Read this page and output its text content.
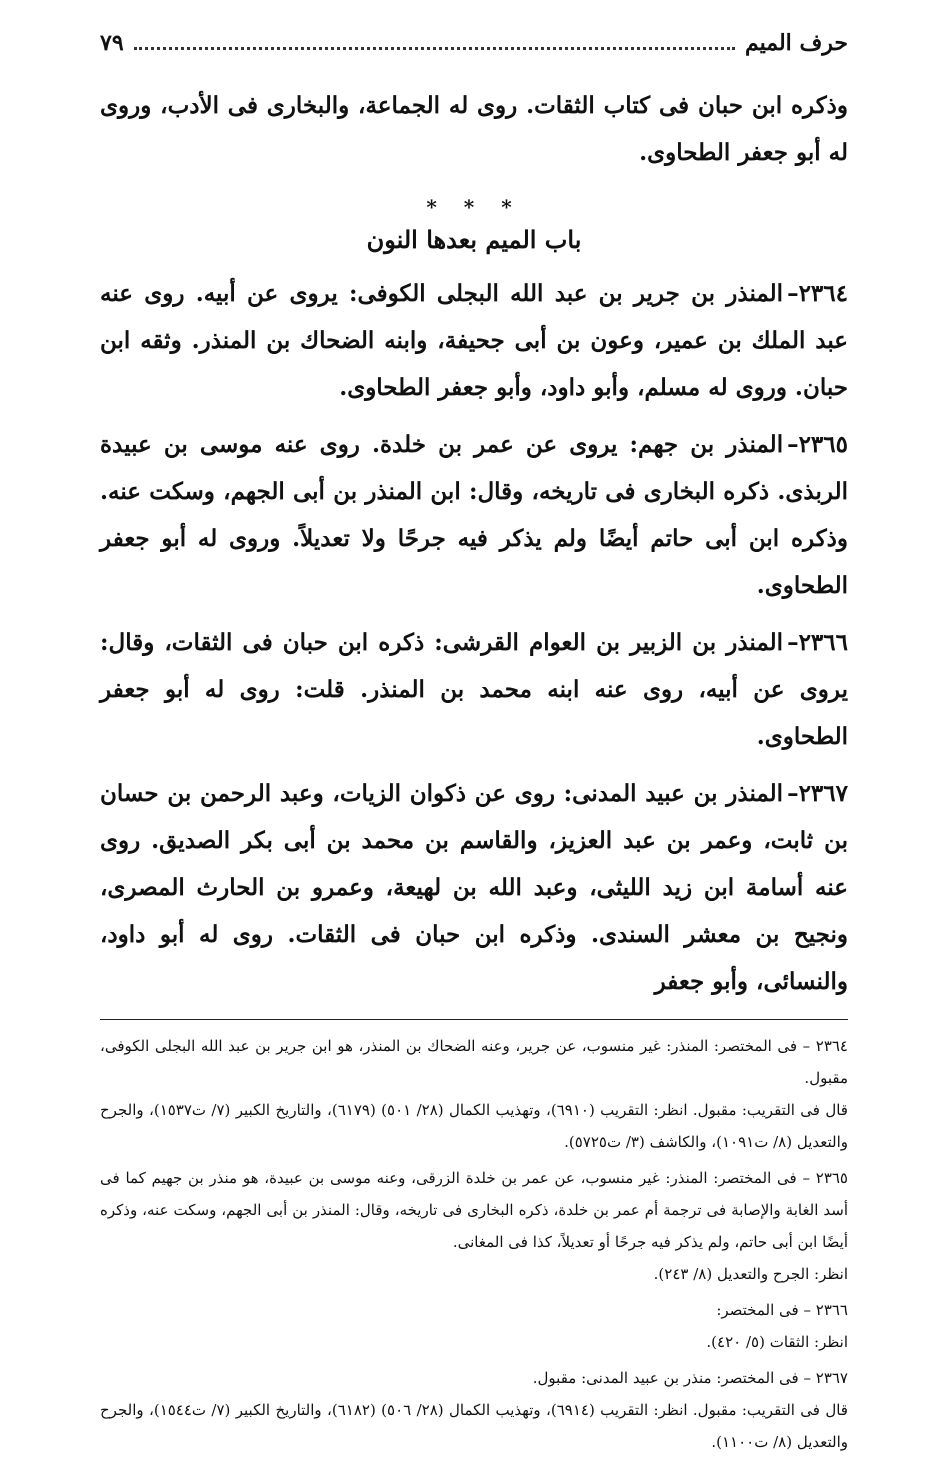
حرف الميم
٧٩

وذكره ابن حبان فى كتاب الثقات. روى له الجماعة، والبخارى فى الأدب، وروى له أبو جعفر الطحاوى.

* * *
باب الميم بعدها النون

٢٣٦٤–المنذر بن جرير بن عبد الله البجلى الكوفى: يروى عن أبيه. روى عنه عبد الملك بن عمير، وعون بن أبى جحيفة، وابنه الضحاك بن المنذر. وثقه ابن حبان. وروى له مسلم، وأبو داود، وأبو جعفر الطحاوى.

٢٣٦٥–المنذر بن جهم: يروى عن عمر بن خلدة. روى عنه موسى بن عبيدة الربذى. ذكره البخارى فى تاريخه، وقال: ابن المنذر بن أبى الجهم، وسكت عنه. وذكره ابن أبى حاتم أيضًا ولم يذكر فيه جرحًا ولا تعديلاً. وروى له أبو جعفر الطحاوى.

٢٣٦٦–المنذر بن الزبير بن العوام القرشى: ذكره ابن حبان فى الثقات، وقال: يروى عن أبيه، روى عنه ابنه محمد بن المنذر. قلت: روى له أبو جعفر الطحاوى.

٢٣٦٧–المنذر بن عبيد المدنى: روى عن ذكوان الزيات، وعبد الرحمن بن حسان بن ثابت، وعمر بن عبد العزيز، والقاسم بن محمد بن أبى بكر الصديق. روى عنه أسامة ابن زيد الليثى، وعبد الله بن لهيعة، وعمرو بن الحارث المصرى، ونجيح بن معشر السندى. وذكره ابن حبان فى الثقات. روى له أبو داود، والنسائى، وأبو جعفر

٢٣٦٤ – فى المختصر: المنذر: غير منسوب، عن جرير، وعنه الضحاك بن المنذر، هو ابن جرير بن عبد الله البجلى الكوفى، مقبول.

قال فى التقريب: مقبول. انظر: التقريب (٦٩١٠)، وتهذيب الكمال (٢٨/ ٥٠١) (٦١٧٩)، والتاريخ الكبير (٧/ ت١٥٣٧)، والجرح والتعديل (٨/ ت١٠٩١)، والكاشف (٣/ ت٥٧٢٥).

٢٣٦٥ – فى المختصر: المنذر: غير منسوب، عن عمر بن خلدة الزرقى، وعنه موسى بن عبيدة، هو منذر بن جهيم كما فى أسد الغابة والإصابة فى ترجمة أم عمر بن خلدة، ذكره البخارى فى تاريخه، وقال: المنذر بن أبى الجهم، وسكت عنه، وذكره أيضًا ابن أبى حاتم، ولم يذكر فيه جرحًا أو تعديلاً، كذا فى المغانى.

انظر: الجرح والتعديل (٨/ ٢٤٣).

٢٣٦٦ – فى المختصر:

انظر: الثقات (٥/ ٤٢٠).

٢٣٦٧ – فى المختصر: منذر بن عبيد المدنى: مقبول.

قال فى التقريب: مقبول. انظر: التقريب (٦٩١٤)، وتهذيب الكمال (٢٨/ ٥٠٦) (٦١٨٢)، والتاريخ الكبير (٧/ ت١٥٤٤)، والجرح والتعديل (٨/ ت١١٠٠).
